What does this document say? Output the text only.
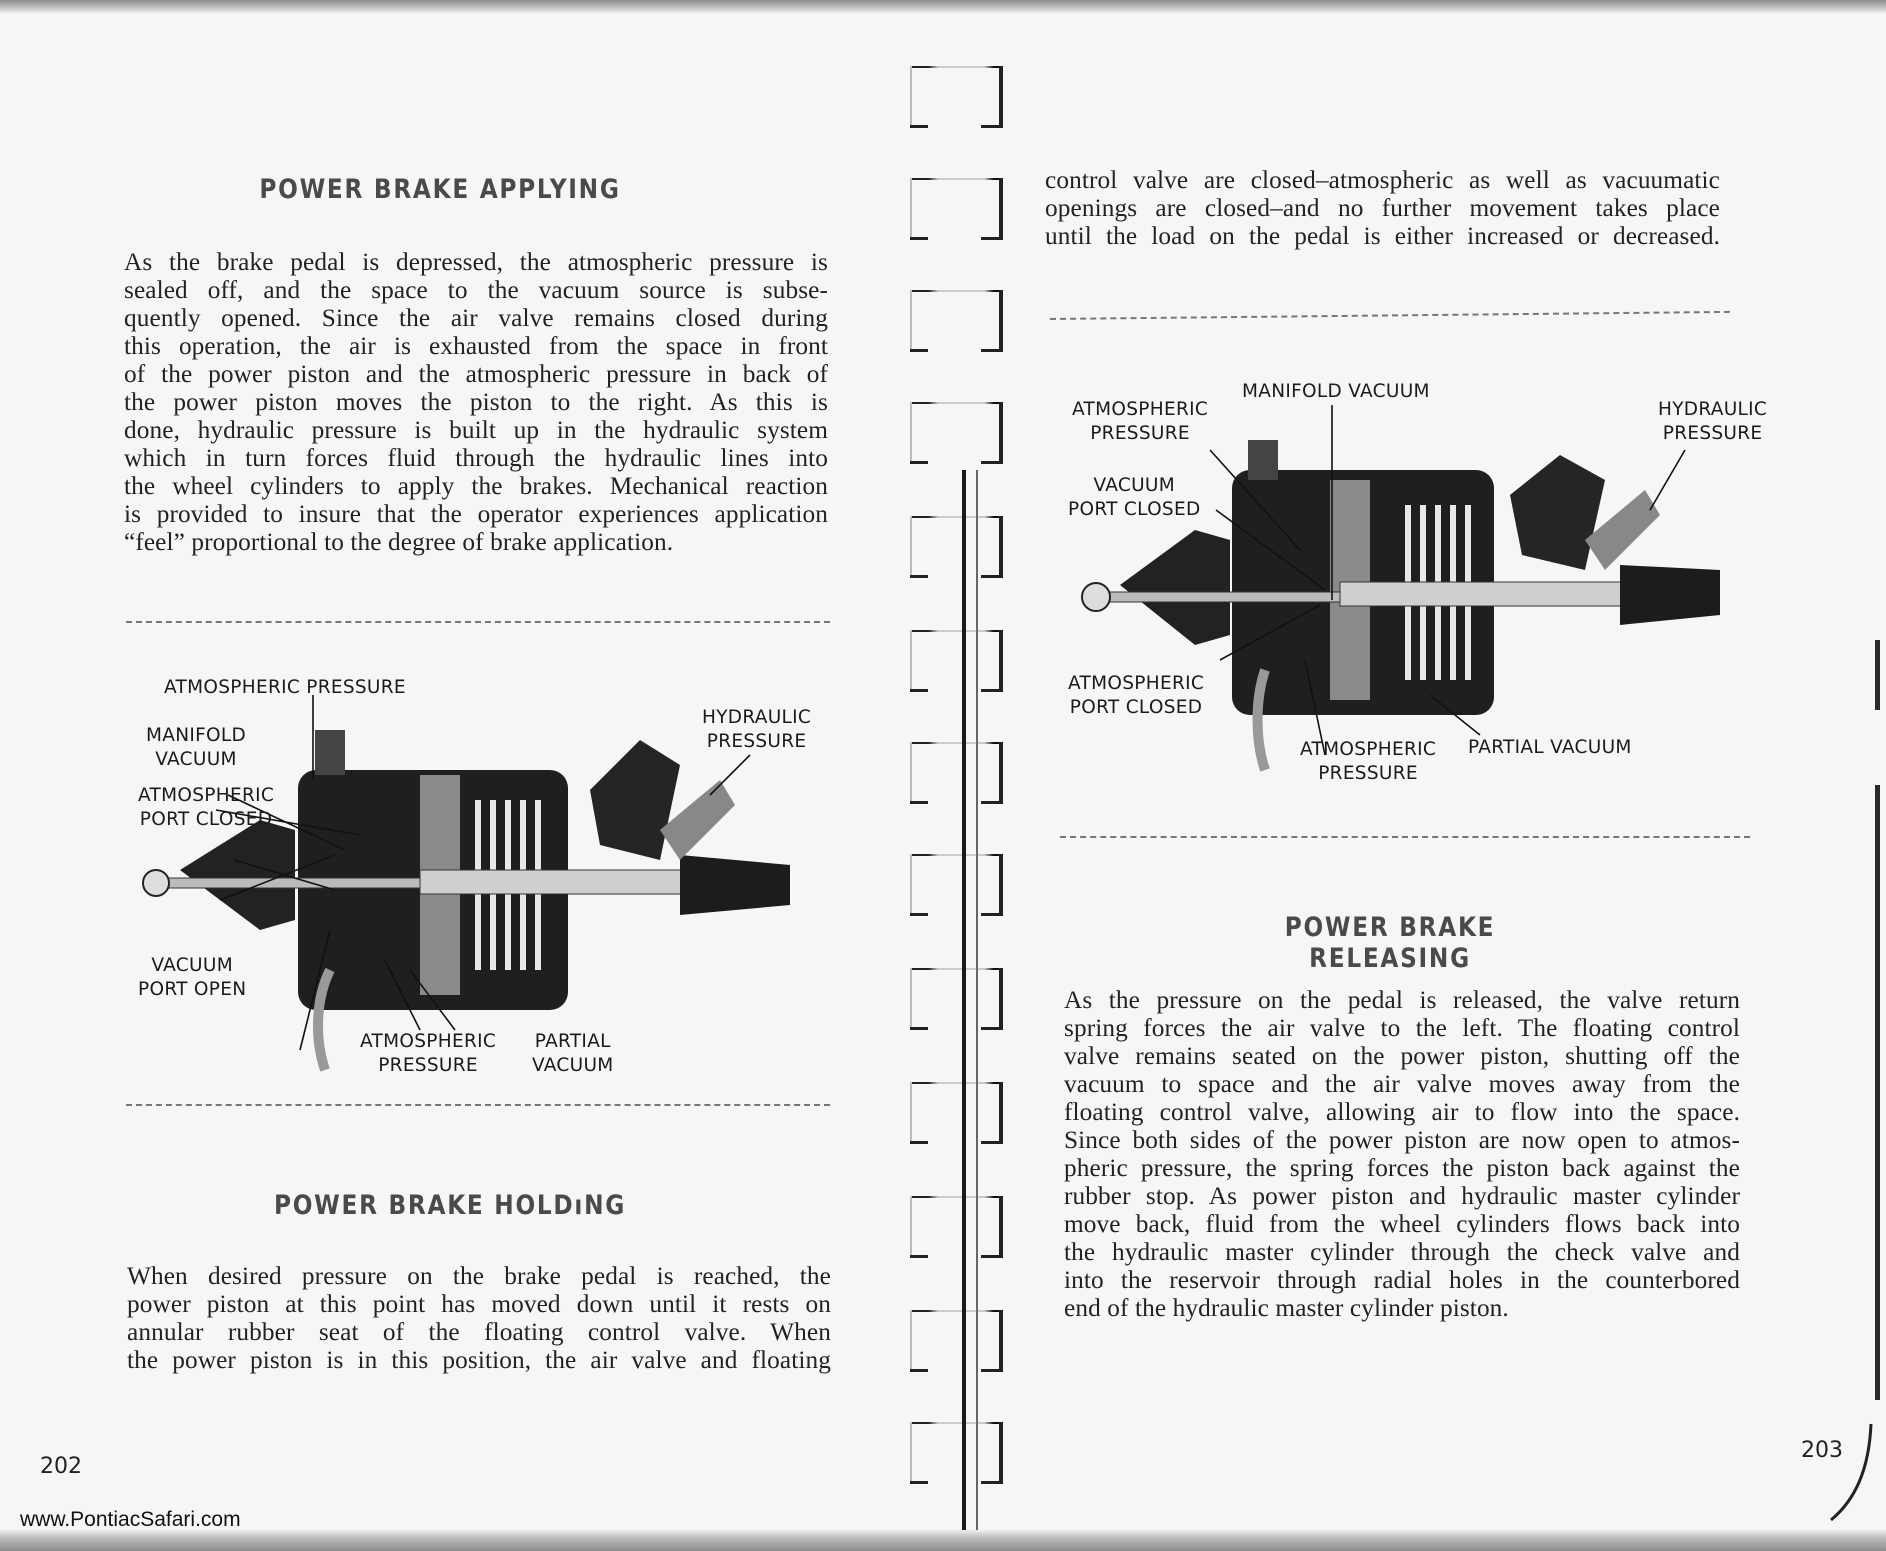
POWER BRAKE APPLYING
As the brake pedal is depressed, the atmospheric pressure is
sealed off, and the space to the vacuum source is subse-
quently opened. Since the air valve remains closed during
this operation, the air is exhausted from the space in front
of the power piston and the atmospheric pressure in back of
the power piston moves the piston to the right. As this is
done, hydraulic pressure is built up in the hydraulic system
which in turn forces fluid through the hydraulic lines into
the wheel cylinders to apply the brakes. Mechanical reaction
is provided to insure that the operator experiences application
“feel” proportional to the degree of brake application.
ATMOSPHERIC PRESSURE
MANIFOLD
VACUUM
ATMOSPHERIC
PORT CLOSED
VACUUM
PORT OPEN
HYDRAULIC
PRESSURE
ATMOSPHERIC
PRESSURE
PARTIAL
VACUUM
POWER BRAKE HOLDıNG
When desired pressure on the brake pedal is reached, the
power piston at this point has moved down until it rests on
annular rubber seat of the floating control valve. When
the power piston is in this position, the air valve and floating
202
www.PontiacSafari.com
control valve are closed–atmospheric as well as vacuumatic
openings are closed–and no further movement takes place
until the load on the pedal is either increased or decreased.
MANIFOLD VACUUM
ATMOSPHERIC
PRESSURE
VACUUM
PORT CLOSED
ATMOSPHERIC
PORT CLOSED
HYDRAULIC
PRESSURE
ATMOSPHERIC
PRESSURE
PARTIAL VACUUM
POWER BRAKE RELEASING
As the pressure on the pedal is released, the valve return
spring forces the air valve to the left. The floating control
valve remains seated on the power piston, shutting off the
vacuum to space and the air valve moves away from the
floating control valve, allowing air to flow into the space.
Since both sides of the power piston are now open to atmos-
pheric pressure, the spring forces the piston back against the
rubber stop. As power piston and hydraulic master cylinder
move back, fluid from the wheel cylinders flows back into
the hydraulic master cylinder through the check valve and
into the reservoir through radial holes in the counterbored
end of the hydraulic master cylinder piston.
203
